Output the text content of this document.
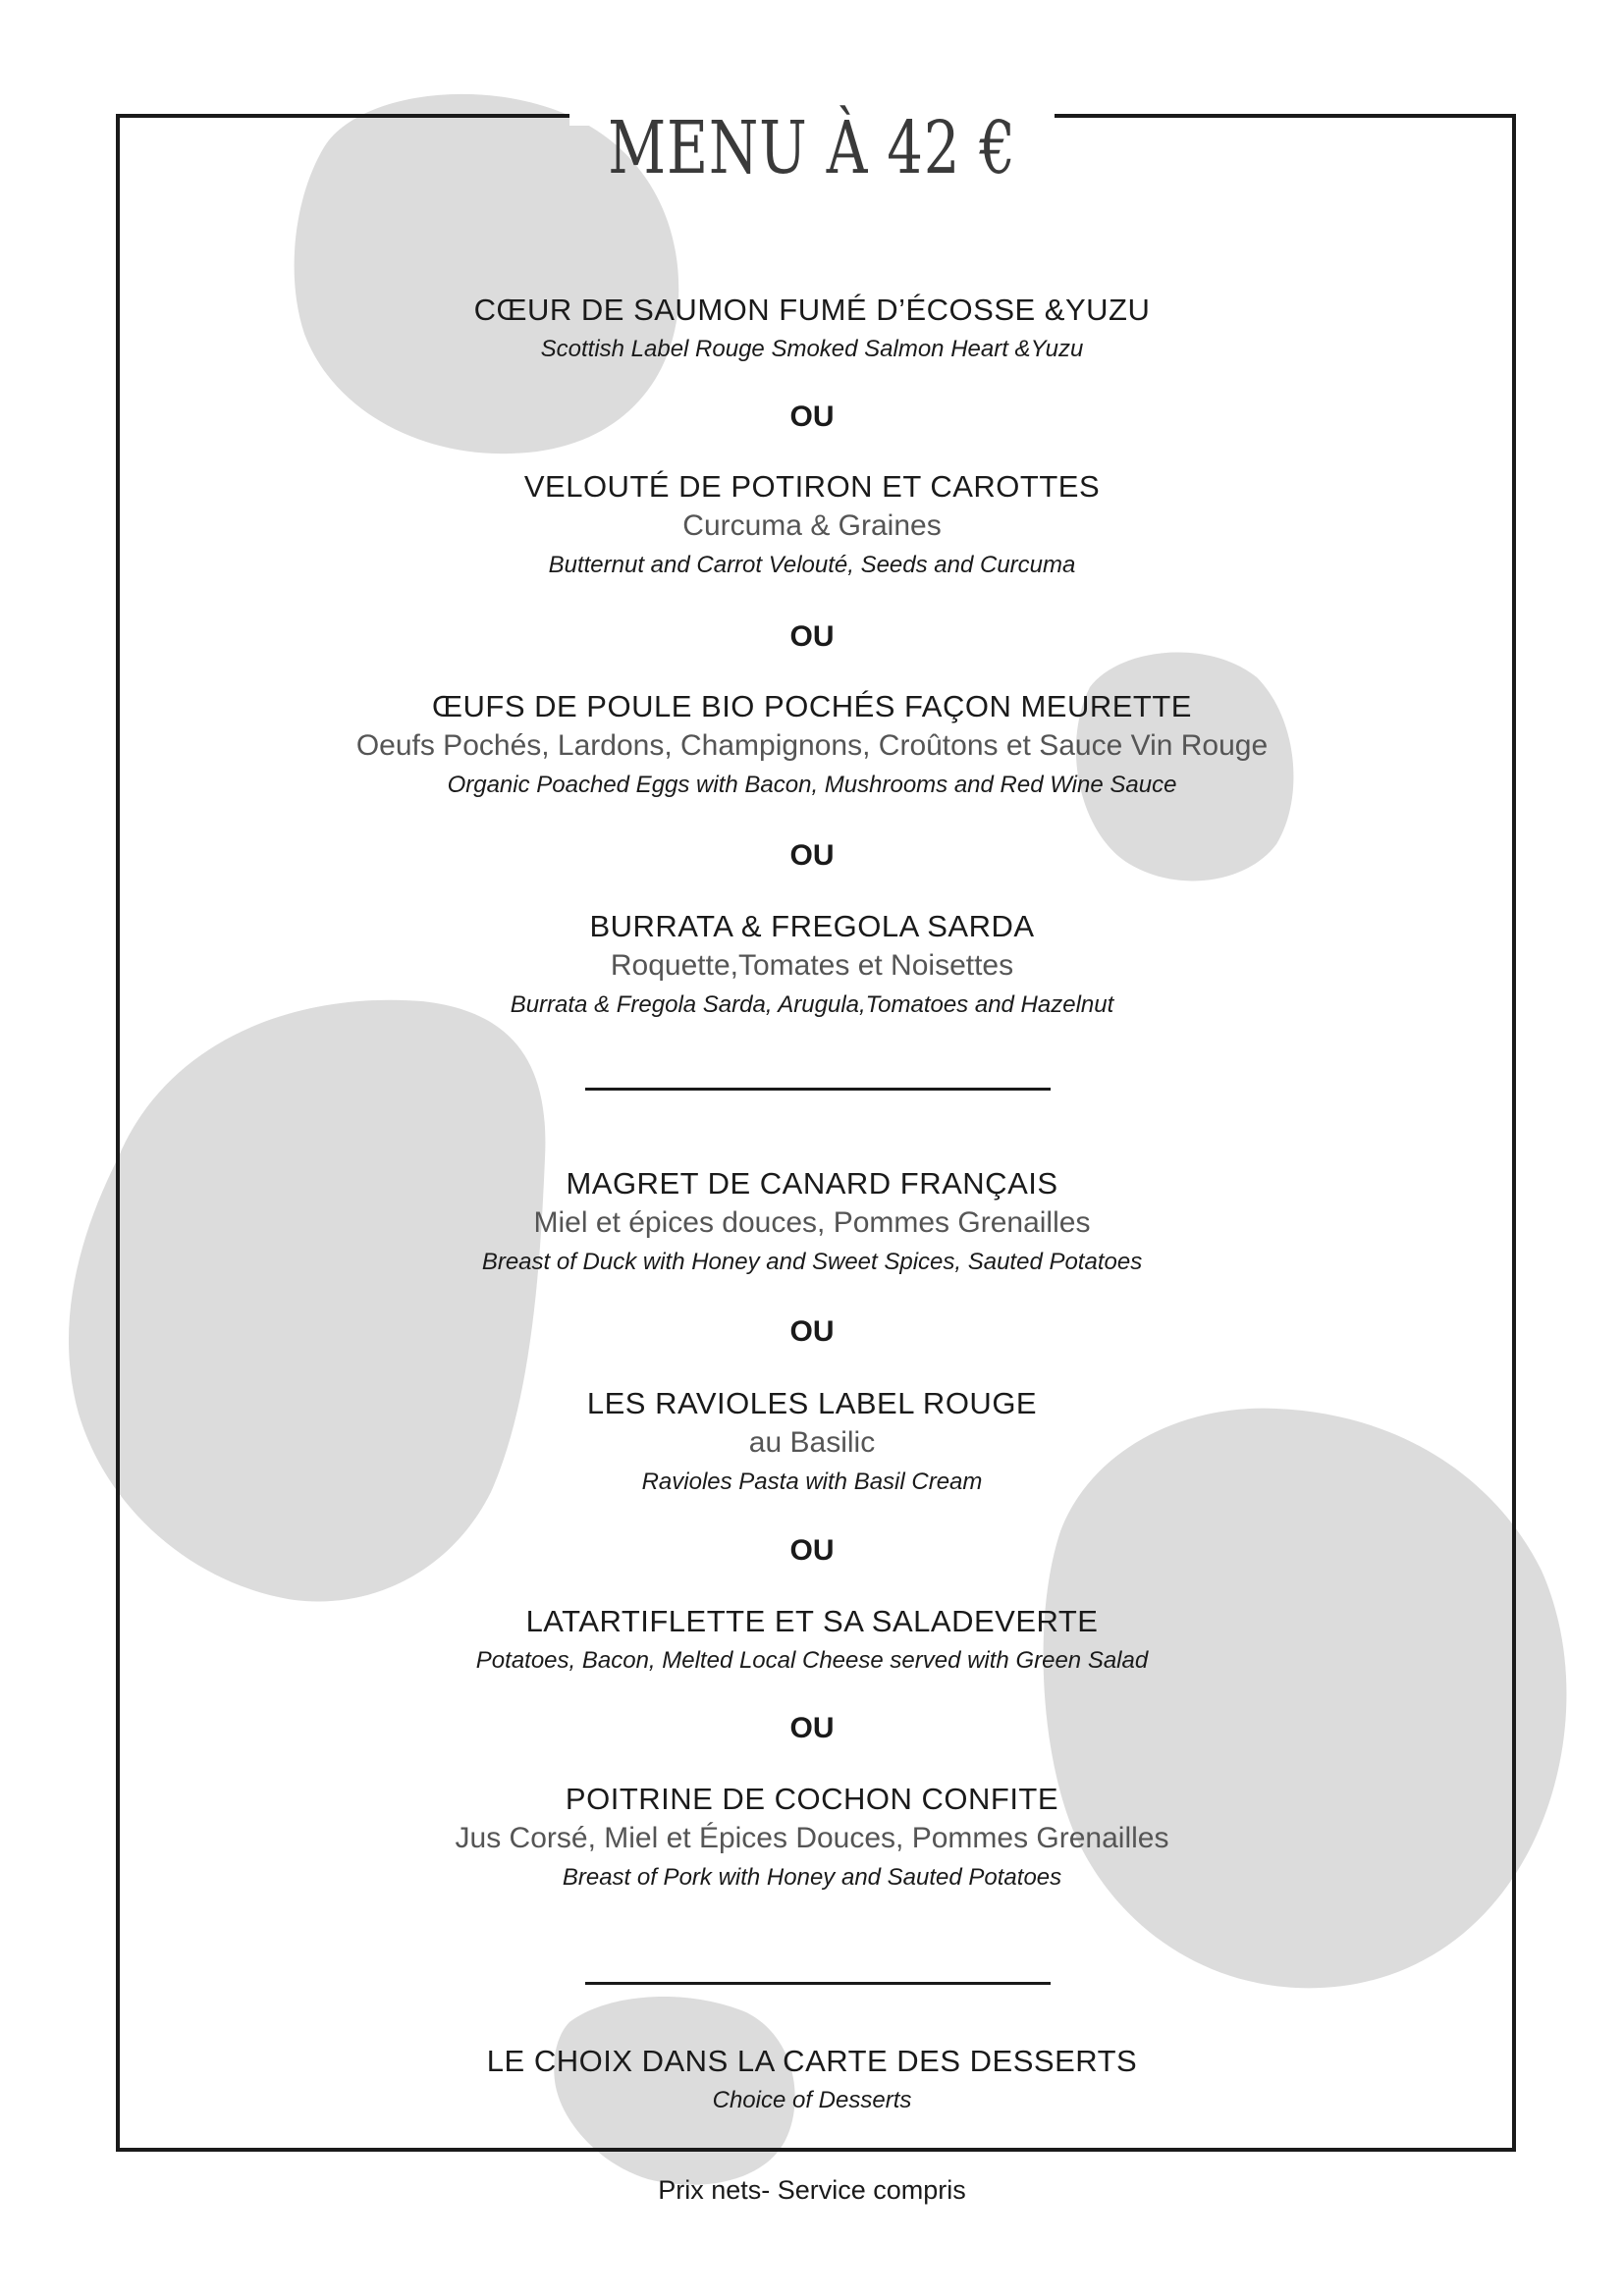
MENU À 42 €
CŒUR DE SAUMON FUMÉ D’ÉCOSSE &YUZU
Scottish Label Rouge Smoked Salmon Heart &Yuzu
OU
VELOUTÉ DE POTIRON ET CAROTTES
Curcuma & Graines
Butternut and Carrot Velouté, Seeds and Curcuma
OU
ŒUFS DE POULE BIO POCHÉS FAÇON MEURETTE
Oeufs Pochés, Lardons, Champignons, Croûtons et Sauce Vin Rouge
Organic Poached Eggs with Bacon, Mushrooms and Red Wine Sauce
OU
BURRATA & FREGOLA SARDA
Roquette,Tomates et Noisettes
Burrata & Fregola Sarda, Arugula,Tomatoes and Hazelnut
MAGRET DE CANARD FRANÇAIS
Miel et épices douces, Pommes Grenailles
Breast of Duck with Honey and Sweet Spices, Sauted Potatoes
OU
LES RAVIOLES LABEL ROUGE
au Basilic
Ravioles Pasta with Basil Cream
OU
LATARTIFLETTE ET SA SALADEVERTE
Potatoes, Bacon, Melted Local Cheese served with Green Salad
OU
POITRINE DE COCHON CONFITE
Jus Corsé, Miel et Épices Douces, Pommes Grenailles
Breast of Pork with Honey and Sauted Potatoes
LE CHOIX DANS LA CARTE DES DESSERTS
Choice of Desserts
Prix nets- Service compris
